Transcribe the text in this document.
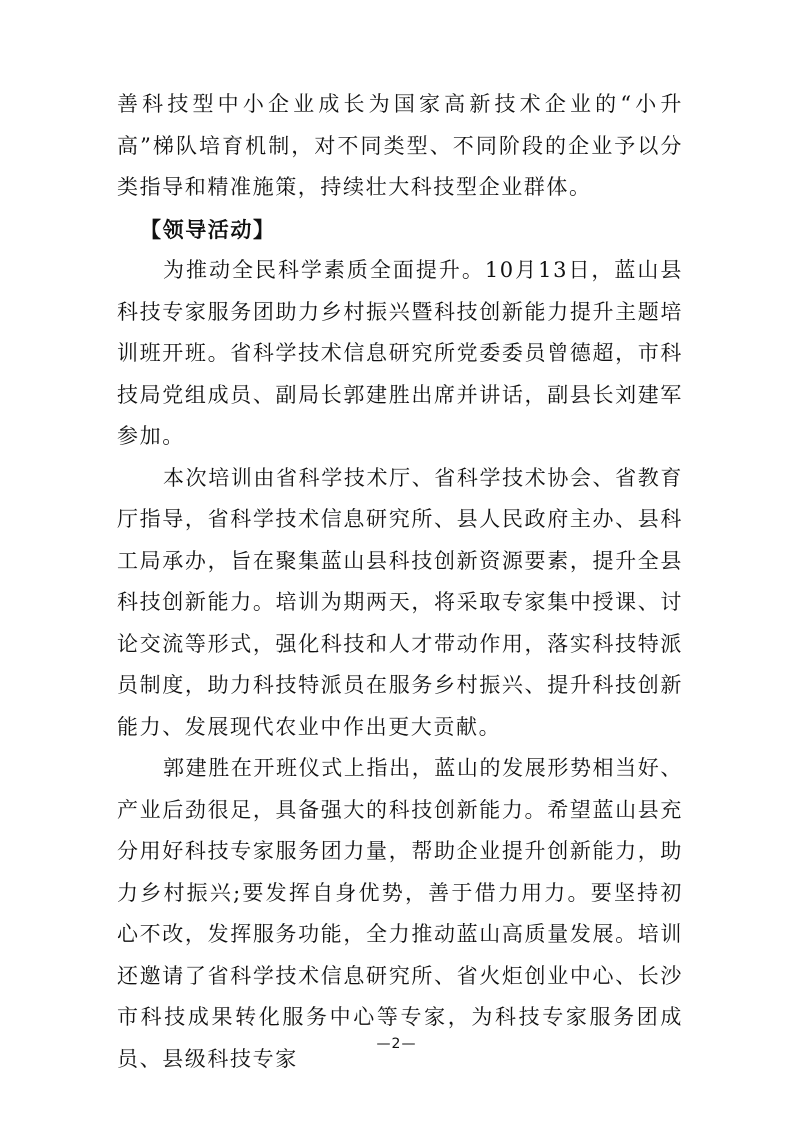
善科技型中小企业成长为国家高新技术企业的“小升高”梯队培育机制，对不同类型、不同阶段的企业予以分类指导和精准施策，持续壮大科技型企业群体。

【领导活动】

为推动全民科学素质全面提升。10月13日，蓝山县科技专家服务团助力乡村振兴暨科技创新能力提升主题培训班开班。省科学技术信息研究所党委委员曾德超，市科技局党组成员、副局长郭建胜出席并讲话，副县长刘建军参加。

本次培训由省科学技术厅、省科学技术协会、省教育厅指导，省科学技术信息研究所、县人民政府主办、县科工局承办，旨在聚集蓝山县科技创新资源要素，提升全县科技创新能力。培训为期两天，将采取专家集中授课、讨论交流等形式，强化科技和人才带动作用，落实科技特派员制度，助力科技特派员在服务乡村振兴、提升科技创新能力、发展现代农业中作出更大贡献。

郭建胜在开班仪式上指出，蓝山的发展形势相当好、产业后劲很足，具备强大的科技创新能力。希望蓝山县充分用好科技专家服务团力量，帮助企业提升创新能力，助力乡村振兴;要发挥自身优势，善于借力用力。要坚持初心不改，发挥服务功能，全力推动蓝山高质量发展。培训还邀请了省科学技术信息研究所、省火炬创业中心、长沙市科技成果转化服务中心等专家，为科技专家服务团成员、县级科技专家

—2—
